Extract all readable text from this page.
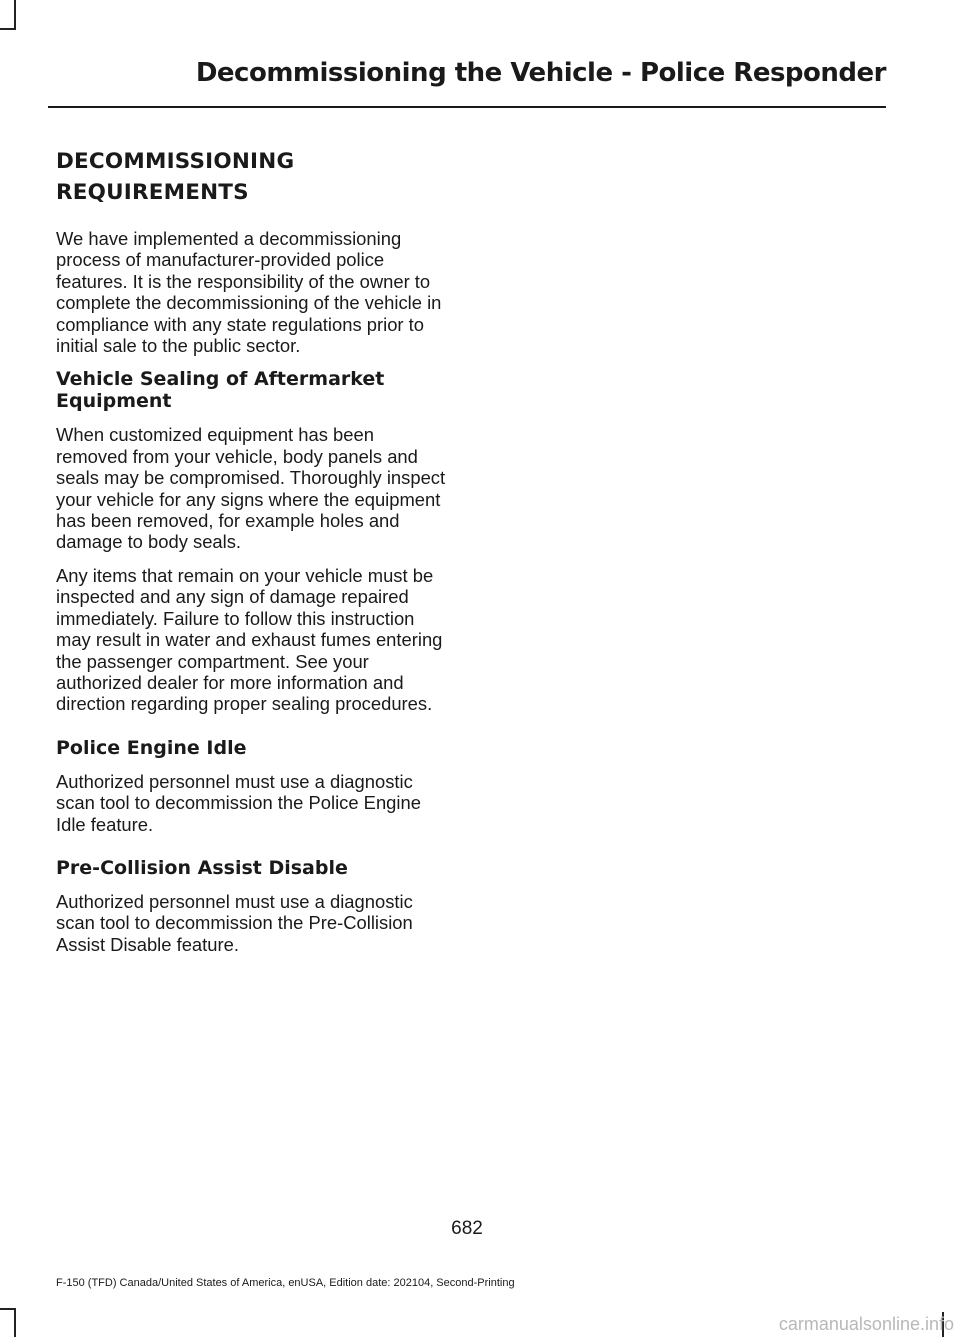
Decommissioning the Vehicle - Police Responder
DECOMMISSIONING
REQUIREMENTS

We have implemented a decommissioning process of manufacturer-provided police features. It is the responsibility of the owner to complete the decommissioning of the vehicle in compliance with any state regulations prior to initial sale to the public sector.

Vehicle Sealing of Aftermarket Equipment

When customized equipment has been removed from your vehicle, body panels and seals may be compromised. Thoroughly inspect your vehicle for any signs where the equipment has been removed, for example holes and damage to body seals.

Any items that remain on your vehicle must be inspected and any sign of damage repaired immediately. Failure to follow this instruction may result in water and exhaust fumes entering the passenger compartment. See your authorized dealer for more information and direction regarding proper sealing procedures.

Police Engine Idle

Authorized personnel must use a diagnostic scan tool to decommission the Police Engine Idle feature.

Pre-Collision Assist Disable

Authorized personnel must use a diagnostic scan tool to decommission the Pre-Collision Assist Disable feature.

682
F-150 (TFD) Canada/United States of America, enUSA, Edition date: 202104, Second-Printing
carmanualsonline.info
